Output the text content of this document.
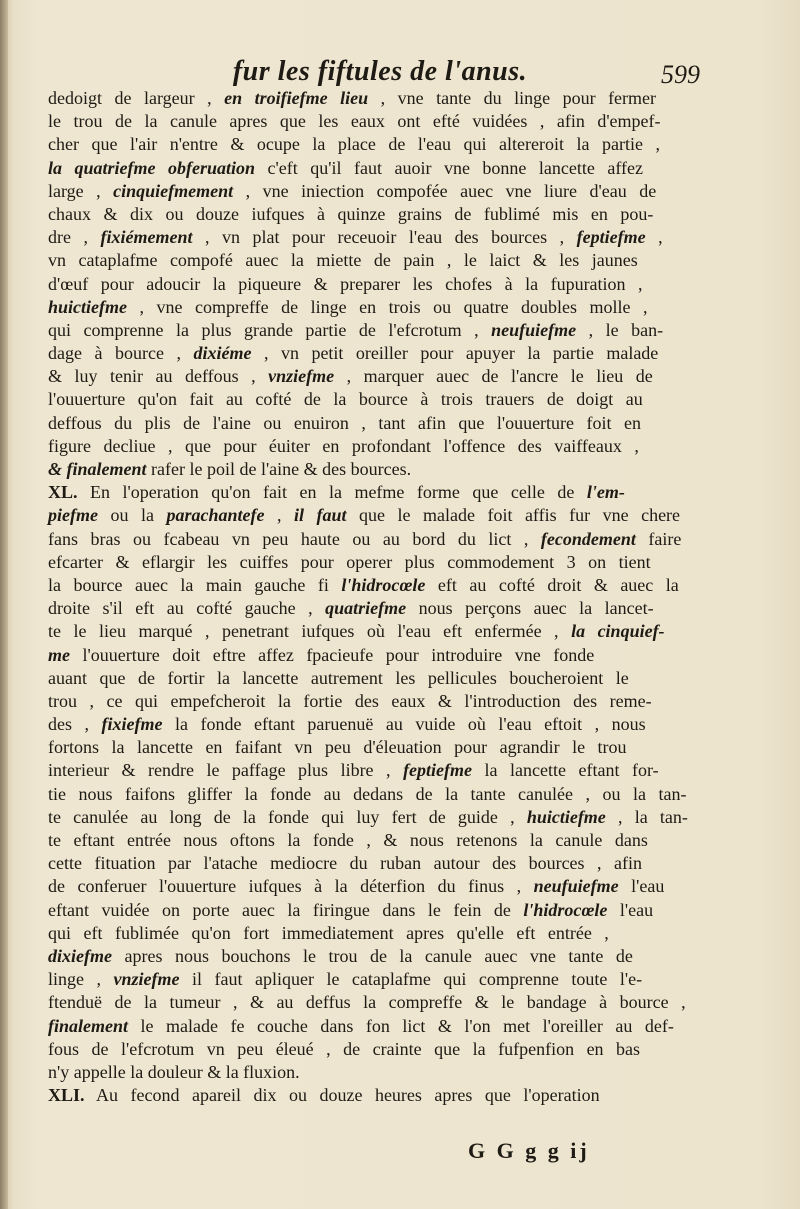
fur les fiftules de l'anus.	599
dedoigt de largeur , en troifiefme lieu , vne tante du linge pour fermer
le trou de la canule apres que les eaux ont efté vuidées , afin d'empef-
cher que l'air n'entre & ocupe la place de l'eau qui altereroit la partie ,
la quatriefme obferuation c'eft qu'il faut auoir vne bonne lancette affez
large , cinquiefmement , vne iniection compofée auec vne liure d'eau de
chaux & dix ou douze iufques à quinze grains de fublimé mis en pou-
dre , fixiémement , vn plat pour receuoir l'eau des bources , feptiefme ,
vn cataplafme compofé auec la miette de pain , le laict & les jaunes
d'œuf pour adoucir la piqueure & preparer les chofes à la fupuration ,
huictiefme , vne compreffe de linge en trois ou quatre doubles molle ,
qui comprenne la plus grande partie de l'efcrotum , neufuiefme , le ban-
dage à bource , dixiéme , vn petit oreiller pour apuyer la partie malade
& luy tenir au deffous , vnziefme , marquer auec de l'ancre le lieu de
l'ouuerture qu'on fait au cofté de la bource à trois trauers de doigt au
deffous du plis de l'aine ou enuiron , tant afin que l'ouuerture foit en
figure decliue , que pour éuiter en profondant l'offence des vaiffeaux ,
& finalement rafer le poil de l'aine & des bources.
XL. En l'operation qu'on fait en la mefme forme que celle de l'em-
piefme ou la parachantefe , il faut que le malade foit affis fur vne chere
fans bras ou fcabeau vn peu haute ou au bord du lict , fecondement faire
efcarter & eflargir les cuiffes pour operer plus commodement 3 on tient
la bource auec la main gauche fi l'hidrocœle eft au cofté droit & auec la
droite s'il eft au cofté gauche , quatriefme nous perçons auec la lancet-
te le lieu marqué , penetrant iufques où l'eau eft enfermée , la cinquief-
me l'ouuerture doit eftre affez fpacieufe pour introduire vne fonde
auant que de fortir la lancette autrement les pellicules boucheroient le
trou , ce qui empefcheroit la fortie des eaux & l'introduction des reme-
des , fixiefme la fonde eftant paruenuë au vuide où l'eau eftoit , nous
fortons la lancette en faifant vn peu d'éleuation pour agrandir le trou
interieur & rendre le paffage plus libre , feptiefme la lancette eftant for-
tie nous faifons gliffer la fonde au dedans de la tante canulée , ou la tan-
te canulée au long de la fonde qui luy fert de guide , huictiefme , la tan-
te eftant entrée nous oftons la fonde , & nous retenons la canule dans
cette fituation par l'atache mediocre du ruban autour des bources , afin
de conferuer l'ouuerture iufques à la déterfion du finus , neufuiefme l'eau
eftant vuidée on porte auec la firingue dans le fein de l'hidrocœle l'eau
qui eft fublimée qu'on fort immediatement apres qu'elle eft entrée ,
dixiefme apres nous bouchons le trou de la canule auec vne tante de
linge , vnziefme il faut apliquer le cataplafme qui comprenne toute l'e-
ftenduë de la tumeur , & au deffus la compreffe & le bandage à bource ,
finalement le malade fe couche dans fon lict & l'on met l'oreiller au def-
fous de l'efcrotum vn peu éleué , de crainte que la fufpenfion en bas
n'y appelle la douleur & la fluxion.
XLI. Au fecond apareil dix ou douze heures apres que l'operation
G G g g ij
